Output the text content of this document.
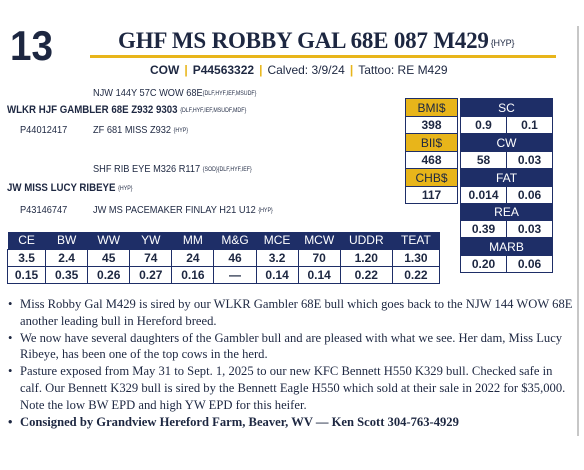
13	GHF MS ROBBY GAL 68E 087 M429 $^{\{HYP\}}$
COW | P44563322 | Calved: 3/9/24 | Tattoo: RE M429
NJW 144Y 57C WOW 68E{DLF,HYF,IEF,MSUDF}
WLKR HJF GAMBLER 68E Z932 9303 {DLF,HYF,IEF,MSUDF,MDF}
P44012417 ZF 681 MISS Z932 {HYP}
SHF RIB EYE M326 R117 {SOD}{DLF,HYF,IEF}
JW MISS LUCY RIBEYE {HYP}
P43146747 JW MS PACEMAKER FINLAY H21 U12 {HYP}
BMI$
398
BII$
468
CHB$
117
SC	
0.9	0.1
CW	
58	0.03
FAT	
0.014	0.06
REA	
0.39	0.03
MARB	
0.20	0.06
CE	BW	WW	YW	MM	M&G	MCE	MCW	UDDR	TEAT
3.5	2.4	45	74	24	46	3.2	70	1.20	1.30
0.15	0.35	0.26	0.27	0.16	—	0.14	0.14	0.22	0.22
• Miss Robby Gal M429 is sired by our WLKR Gambler 68E bull which goes back to the NJW 144 WOW 68E another leading bull in Hereford breed.
• We now have several daughters of the Gambler bull and are pleased with what we see. Her dam, Miss Lucy Ribeye, has been one of the top cows in the herd.
• Pasture exposed from May 31 to Sept. 1, 2025 to our new KFC Bennett H550 K329 bull. Checked safe in calf. Our Bennett K329 bull is sired by the Bennett Eagle H550 which sold at their sale in 2022 for $35,000. Note the low BW EPD and high YW EPD for this heifer.
• Consigned by Grandview Hereford Farm, Beaver, WV — Ken Scott 304-763-4929
